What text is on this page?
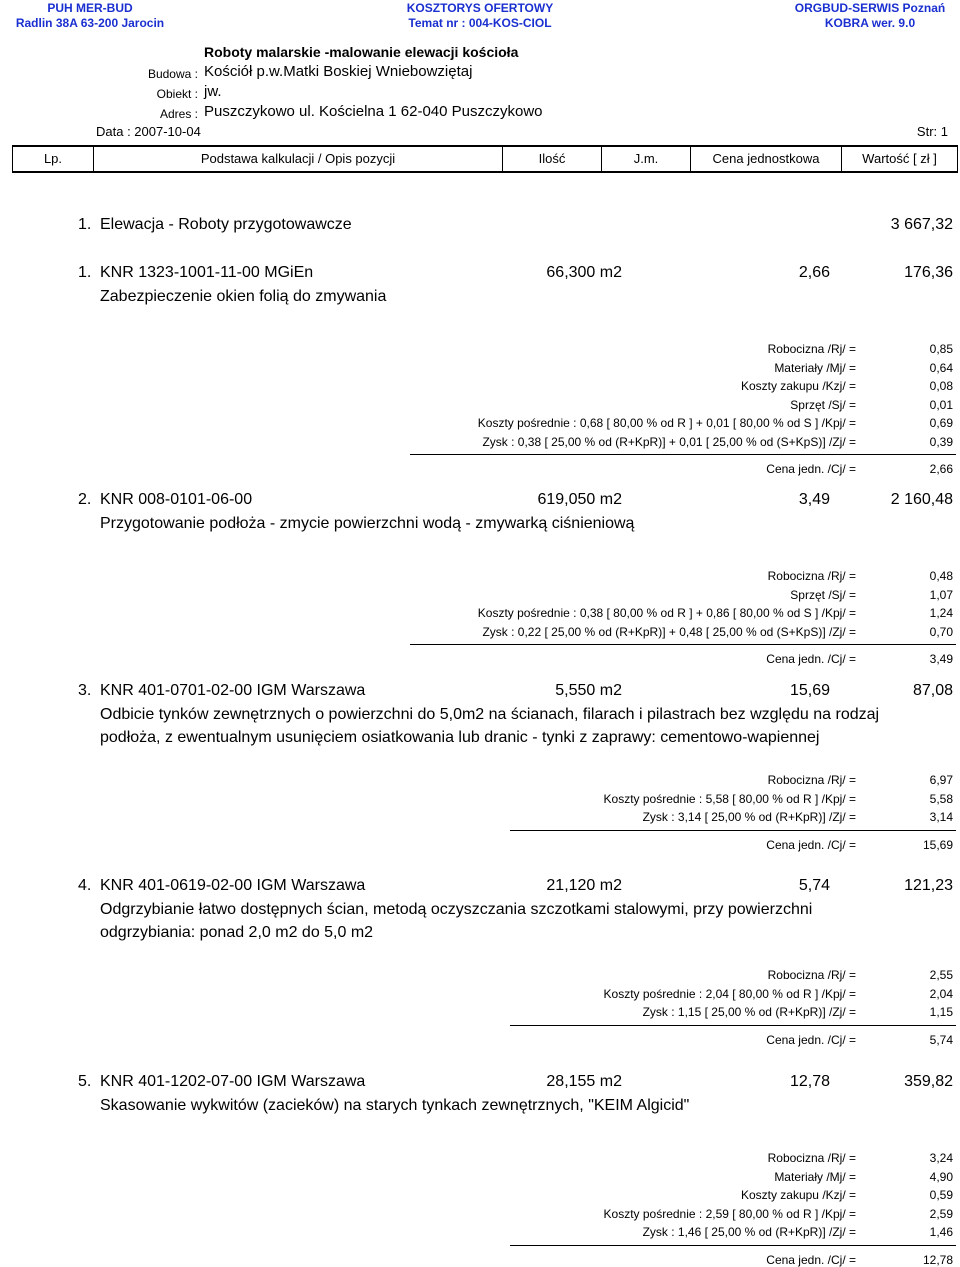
PUH MER-BUD
Radlin 38A 63-200 Jarocin
KOSZTORYS OFERTOWY
Temat nr : 004-KOS-CIOL
ORGBUD-SERWIS Poznań
KOBRA wer. 9.0
Roboty malarskie -malowanie elewacji kościoła
Budowa : Kościół p.w.Matki Boskiej Wniebowziętaj
Obiekt : jw.
Adres : Puszczykowo ul. Kościelna 1 62-040 Puszczykowo
Data : 2007-10-04	Str: 1
Lp.	Podstawa kalkulacji / Opis pozycji	Ilość	J.m.	Cena jednostkowa	Wartość [ zł ]
1. Elewacja - Roboty przygotowawcze	3 667,32
1. KNR 1323-1001-11-00 MGiEn	66,300 m2	2,66	176,36
Zabezpieczenie okien folią do zmywania
Robocizna /Rj/ =	0,85
Materiały /Mj/ =	0,64
Koszty zakupu /Kzj/ =	0,08
Sprzęt /Sj/ =	0,01
Koszty pośrednie : 0,68 [ 80,00 % od R ] + 0,01 [ 80,00 % od S ] /Kpj/ =	0,69
Zysk : 0,38 [ 25,00 % od (R+KpR)] + 0,01 [ 25,00 % od (S+KpS)] /Zj/ =	0,39
Cena jedn. /Cj/ =	2,66
2. KNR 008-0101-06-00	619,050 m2	3,49	2 160,48
Przygotowanie podłoża - zmycie powierzchni wodą - zmywarką ciśnieniową
Robocizna /Rj/ =	0,48
Sprzęt /Sj/ =	1,07
Koszty pośrednie : 0,38 [ 80,00 % od R ] + 0,86 [ 80,00 % od S ] /Kpj/ =	1,24
Zysk : 0,22 [ 25,00 % od (R+KpR)] + 0,48 [ 25,00 % od (S+KpS)] /Zj/ =	0,70
Cena jedn. /Cj/ =	3,49
3. KNR 401-0701-02-00 IGM Warszawa	5,550 m2	15,69	87,08
Odbicie tynków zewnętrznych o powierzchni do 5,0m2 na ścianach, filarach i pilastrach bez względu na rodzaj
podłoża, z ewentualnym usunięciem osiatkowania lub dranic - tynki z zaprawy: cementowo-wapiennej
Robocizna /Rj/ =	6,97
Koszty pośrednie : 5,58 [ 80,00 % od R ] /Kpj/ =	5,58
Zysk : 3,14 [ 25,00 % od (R+KpR)] /Zj/ =	3,14
Cena jedn. /Cj/ =	15,69
4. KNR 401-0619-02-00 IGM Warszawa	21,120 m2	5,74	121,23
Odgrzybianie łatwo dostępnych ścian, metodą oczyszczania szczotkami stalowymi, przy powierzchni
odgrzybiania: ponad 2,0 m2 do 5,0 m2
Robocizna /Rj/ =	2,55
Koszty pośrednie : 2,04 [ 80,00 % od R ] /Kpj/ =	2,04
Zysk : 1,15 [ 25,00 % od (R+KpR)] /Zj/ =	1,15
Cena jedn. /Cj/ =	5,74
5. KNR 401-1202-07-00 IGM Warszawa	28,155 m2	12,78	359,82
Skasowanie wykwitów (zacieków) na starych tynkach zewnętrznych, "KEIM Algicid"
Robocizna /Rj/ =	3,24
Materiały /Mj/ =	4,90
Koszty zakupu /Kzj/ =	0,59
Koszty pośrednie : 2,59 [ 80,00 % od R ] /Kpj/ =	2,59
Zysk : 1,46 [ 25,00 % od (R+KpR)] /Zj/ =	1,46
Cena jedn. /Cj/ =	12,78
